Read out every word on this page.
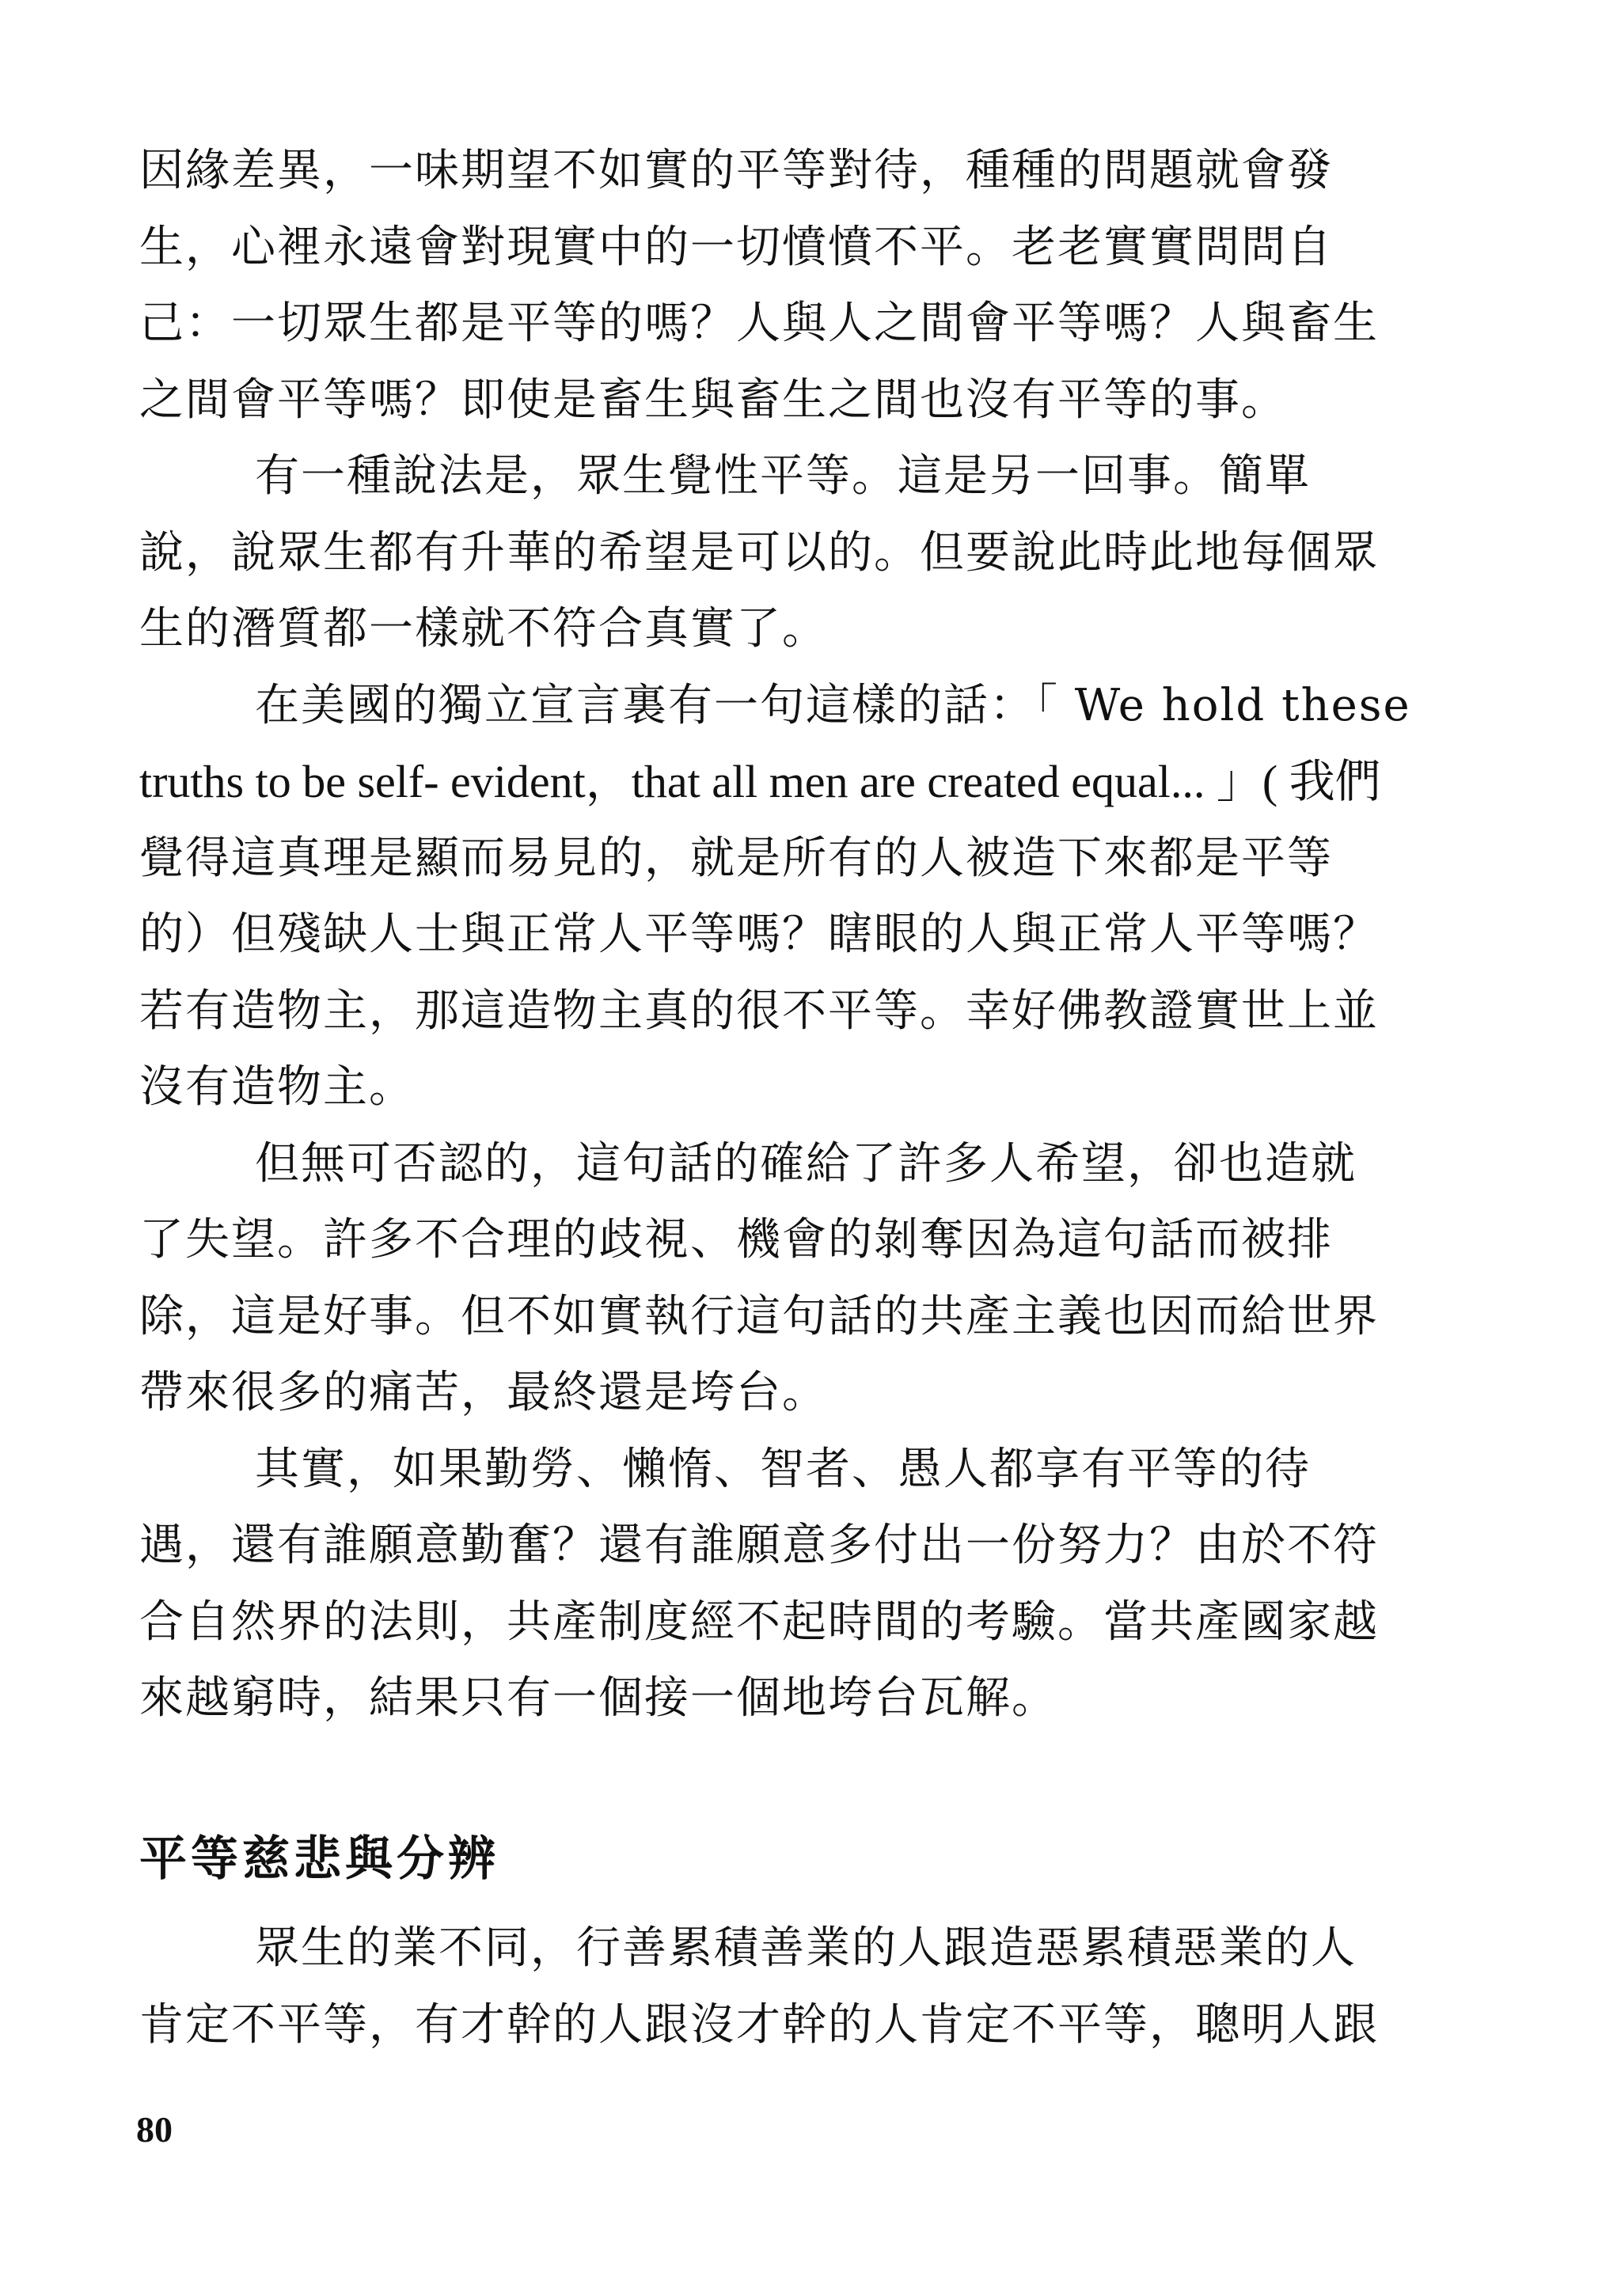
因緣差異，一味期望不如實的平等對待，種種的問題就會發
生，心裡永遠會對現實中的一切憤憤不平。老老實實問問自
己：一切眾生都是平等的嗎？人與人之間會平等嗎？人與畜生
之間會平等嗎？即使是畜生與畜生之間也沒有平等的事。
有一種說法是，眾生覺性平等。這是另一回事。簡單
說，說眾生都有升華的希望是可以的。但要說此時此地每個眾
生的潛質都一樣就不符合真實了。
在美國的獨立宣言裏有一句這樣的話：「 We hold these
truths to be self- evident，that all men are created equal... 」( 我們
覺得這真理是顯而易見的，就是所有的人被造下來都是平等
的）但殘缺人士與正常人平等嗎？瞎眼的人與正常人平等嗎？
若有造物主，那這造物主真的很不平等。幸好佛教證實世上並
沒有造物主。
但無可否認的，這句話的確給了許多人希望，卻也造就
了失望。許多不合理的歧視、機會的剝奪因為這句話而被排
除，這是好事。但不如實執行這句話的共產主義也因而給世界
帶來很多的痛苦，最終還是垮台。
其實，如果勤勞、懶惰、智者、愚人都享有平等的待
遇，還有誰願意勤奮？還有誰願意多付出一份努力？由於不符
合自然界的法則，共產制度經不起時間的考驗。當共產國家越
來越窮時，結果只有一個接一個地垮台瓦解。
平等慈悲與分辨
眾生的業不同，行善累積善業的人跟造惡累積惡業的人
肯定不平等，有才幹的人跟沒才幹的人肯定不平等，聰明人跟
80
